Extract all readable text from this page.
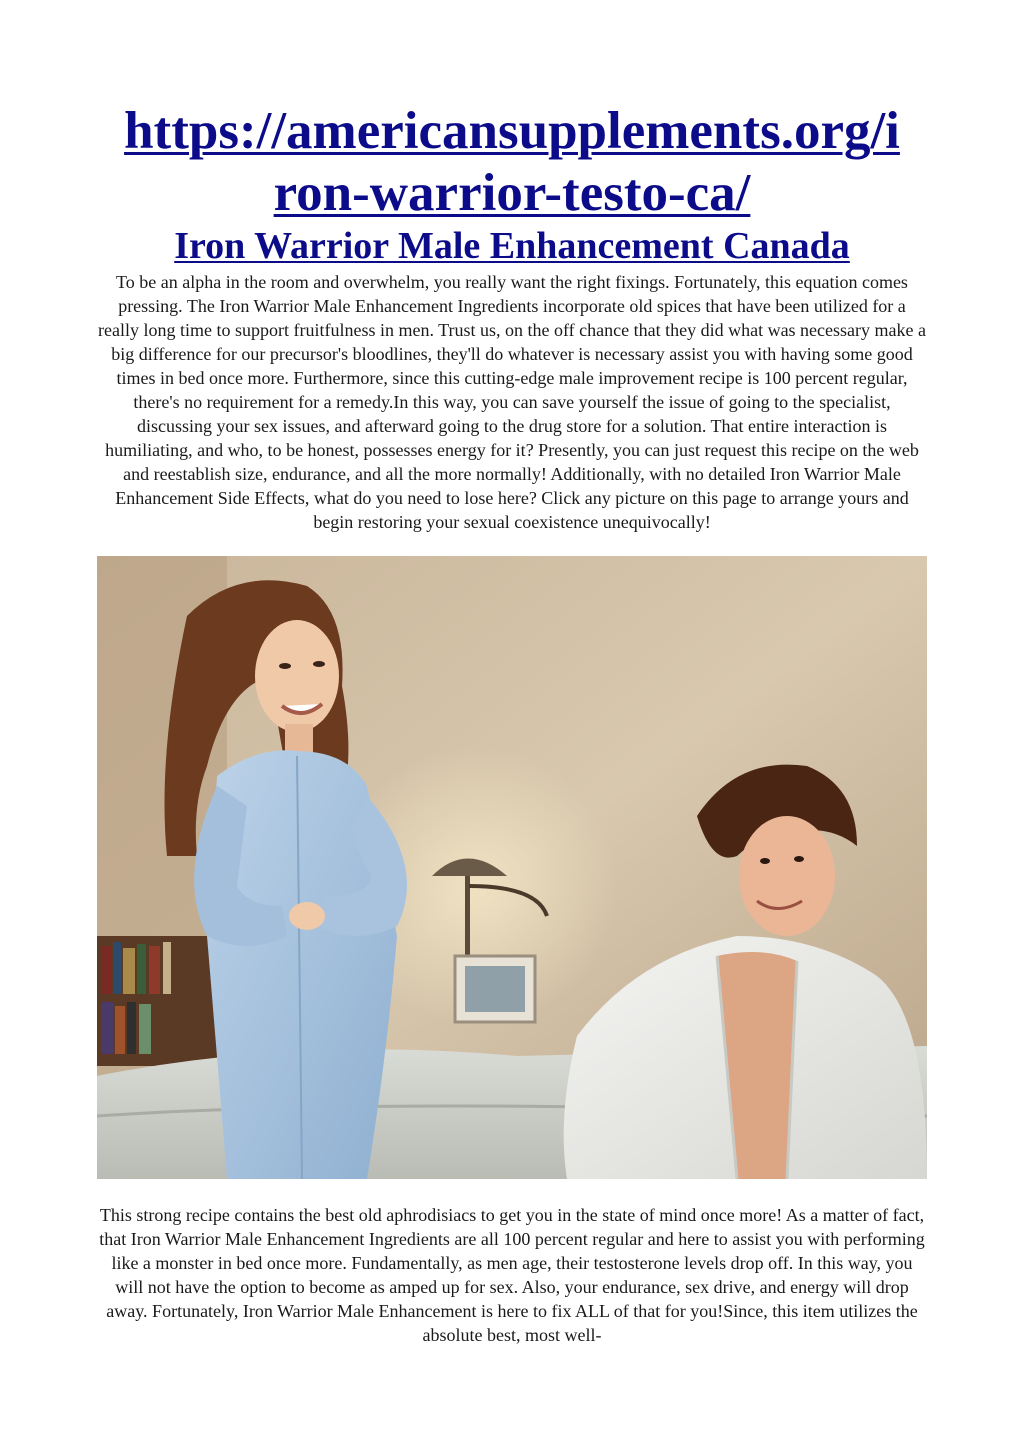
https://americansupplements.org/i
ron-warrior-testo-ca/
Iron Warrior Male Enhancement Canada

To be an alpha in the room and overwhelm, you really want the right fixings. Fortunately, this equation comes pressing. The Iron Warrior Male Enhancement Ingredients incorporate old spices that have been utilized for a really long time to support fruitfulness in men. Trust us, on the off chance that they did what was necessary make a big difference for our precursor's bloodlines, they'll do whatever is necessary assist you with having some good times in bed once more. Furthermore, since this cutting-edge male improvement recipe is 100 percent regular, there's no requirement for a remedy.In this way, you can save yourself the issue of going to the specialist, discussing your sex issues, and afterward going to the drug store for a solution. That entire interaction is humiliating, and who, to be honest, possesses energy for it? Presently, you can just request this recipe on the web and reestablish size, endurance, and all the more normally! Additionally, with no detailed Iron Warrior Male Enhancement Side Effects, what do you need to lose here? Click any picture on this page to arrange yours and begin restoring your sexual coexistence unequivocally!

This strong recipe contains the best old aphrodisiacs to get you in the state of mind once more! As a matter of fact, that Iron Warrior Male Enhancement Ingredients are all 100 percent regular and here to assist you with performing like a monster in bed once more. Fundamentally, as men age, their testosterone levels drop off. In this way, you will not have the option to become as amped up for sex. Also, your endurance, sex drive, and energy will drop away. Fortunately, Iron Warrior Male Enhancement is here to fix ALL of that for you!Since, this item utilizes the absolute best, most well-
